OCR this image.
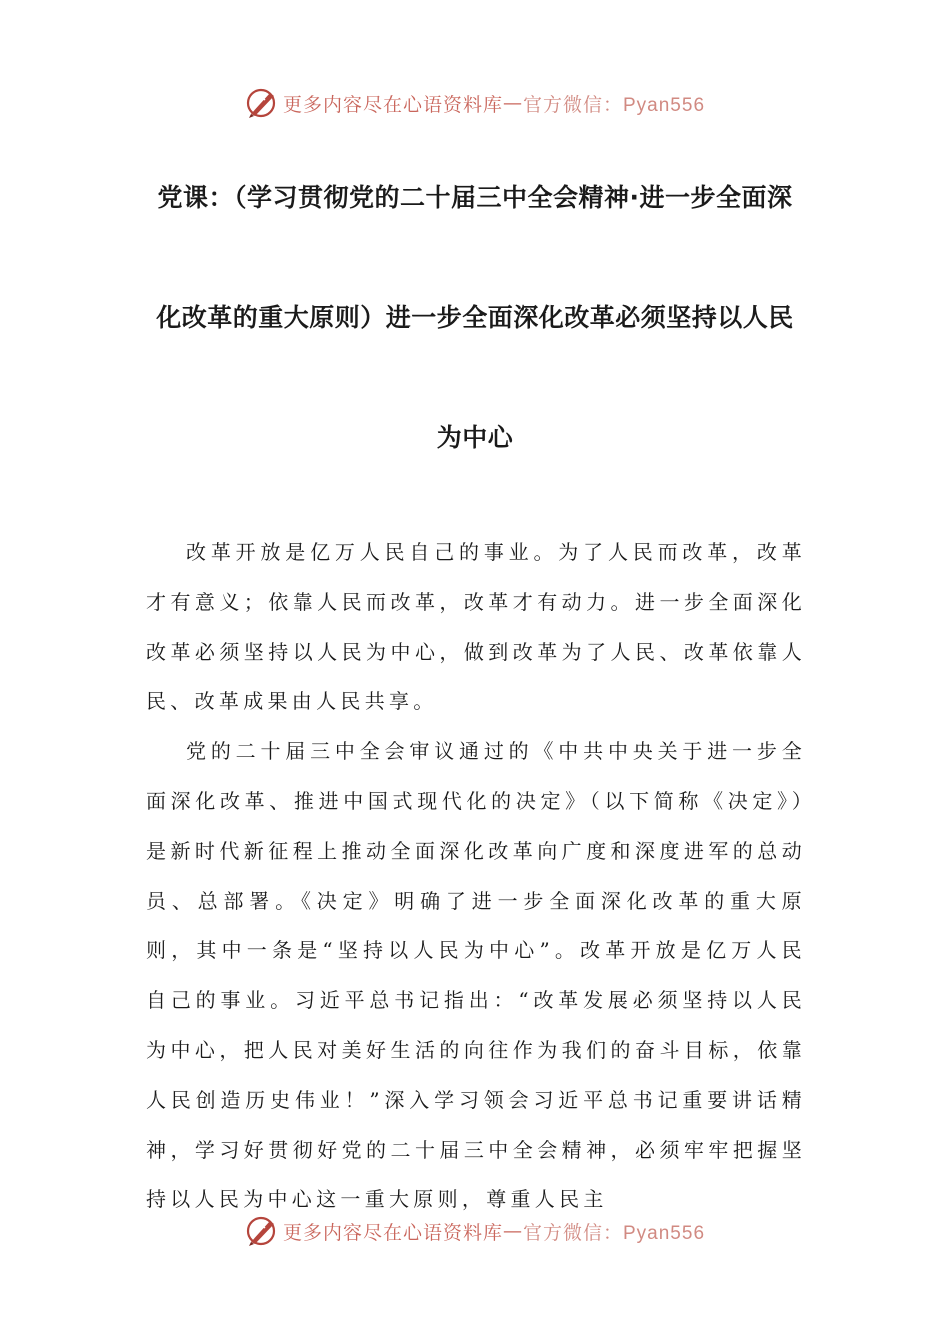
更多内容尽在心语资料库 — 官方微信：Pyan556
党课：（学习贯彻党的二十届三中全会精神·进一步全面深
化改革的重大原则）进一步全面深化改革必须坚持以人民
为中心

改革开放是亿万人民自己的事业。为了人民而改革，改革才有意义；依靠人民而改革，改革才有动力。进一步全面深化改革必须坚持以人民为中心，做到改革为了人民、改革依靠人民、改革成果由人民共享。

党的二十届三中全会审议通过的《中共中央关于进一步全面深化改革、推进中国式现代化的决定》（以下简称《决定》）是新时代新征程上推动全面深化改革向广度和深度进军的总动员、总部署。《决定》明确了进一步全面深化改革的重大原则，其中一条是“坚持以人民为中心”。改革开放是亿万人民自己的事业。习近平总书记指出：“改革发展必须坚持以人民为中心，把人民对美好生活的向往作为我们的奋斗目标，依靠人民创造历史伟业！”深入学习领会习近平总书记重要讲话精神，学习好贯彻好党的二十届三中全会精神，必须牢牢把握坚持以人民为中心这一重大原则，尊重人民主

更多内容尽在心语资料库 — 官方微信：Pyan556
